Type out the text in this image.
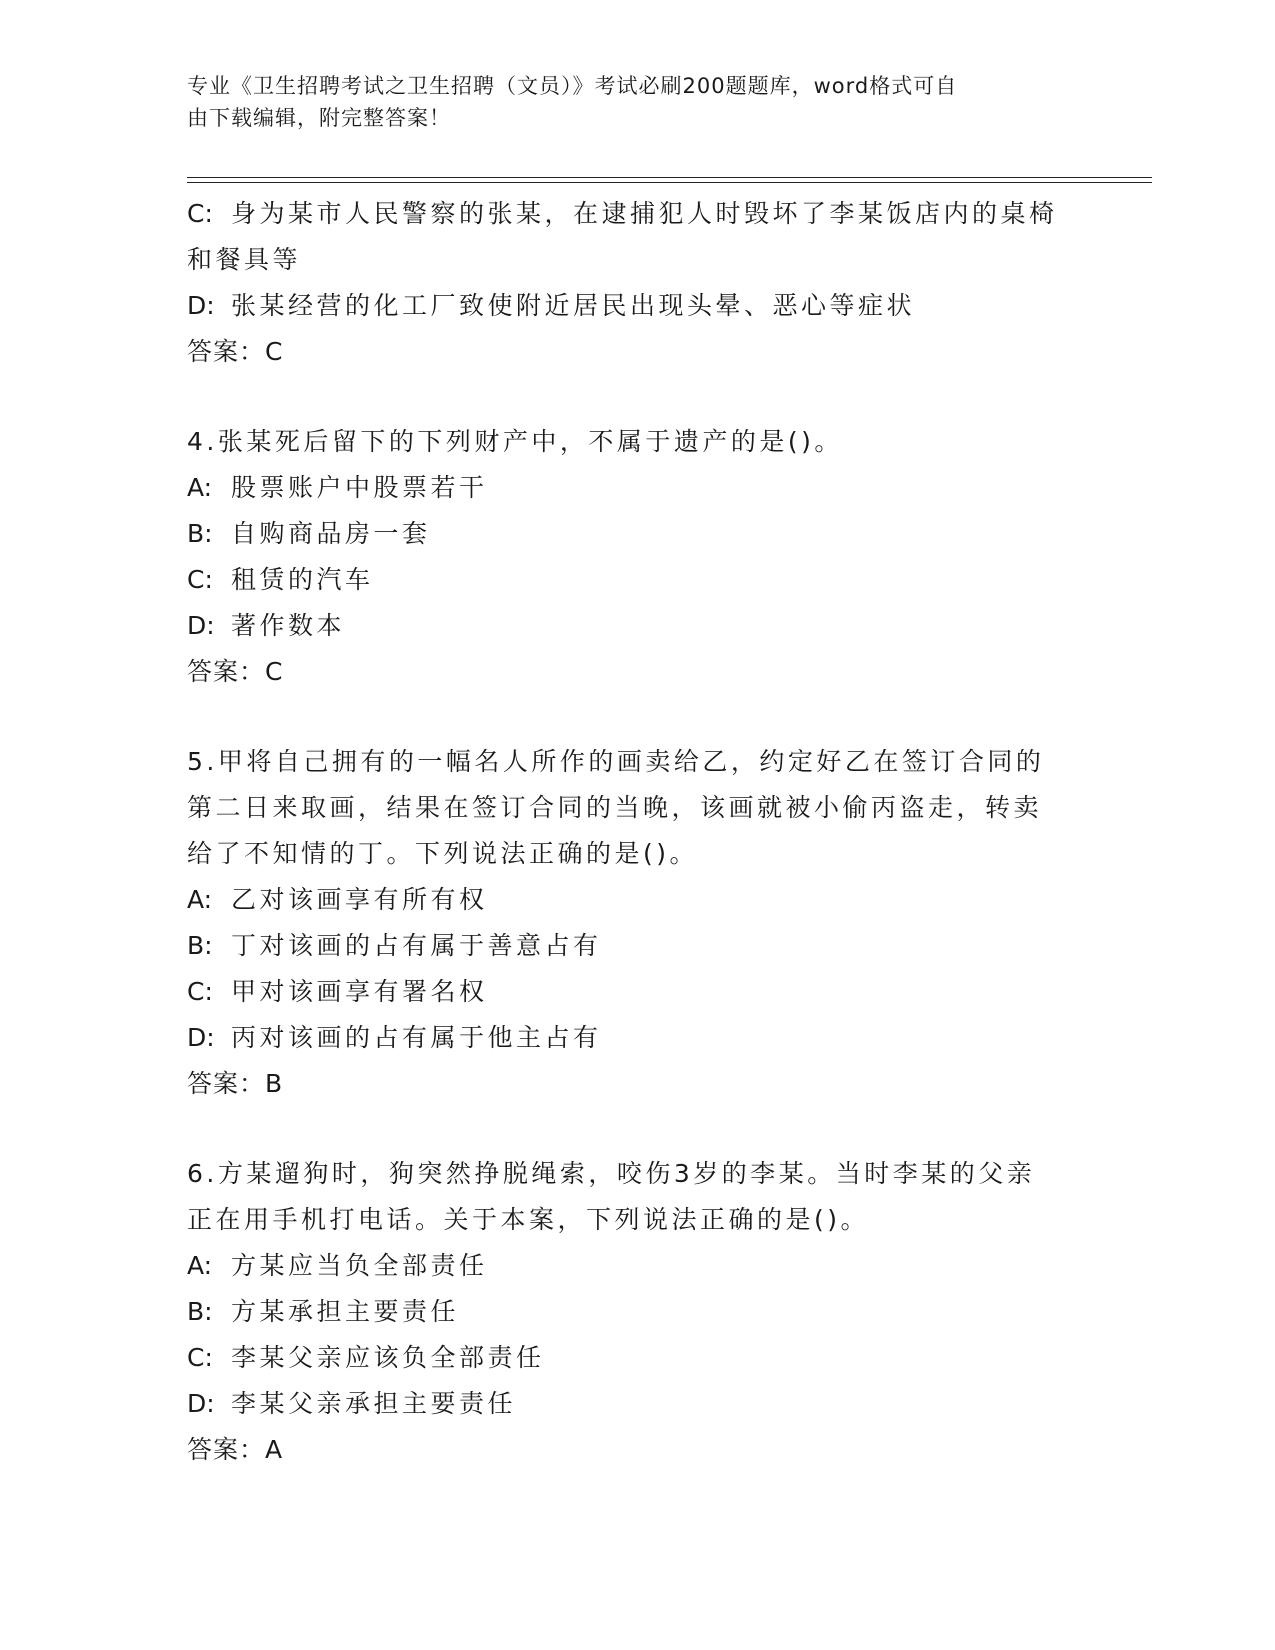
专业《卫生招聘考试之卫生招聘（文员）》考试必刷200题题库，word格式可自
由下载编辑，附完整答案！
C: 身为某市人民警察的张某，在逮捕犯人时毁坏了李某饭店内的桌椅
和餐具等
D: 张某经营的化工厂致使附近居民出现头晕、恶心等症状
答案：C
4.张某死后留下的下列财产中，不属于遗产的是()。
A: 股票账户中股票若干
B: 自购商品房一套
C: 租赁的汽车
D: 著作数本
答案：C
5.甲将自己拥有的一幅名人所作的画卖给乙，约定好乙在签订合同的
第二日来取画，结果在签订合同的当晚，该画就被小偷丙盗走，转卖
给了不知情的丁。下列说法正确的是()。
A: 乙对该画享有所有权
B: 丁对该画的占有属于善意占有
C: 甲对该画享有署名权
D: 丙对该画的占有属于他主占有
答案：B
6.方某遛狗时，狗突然挣脱绳索，咬伤3岁的李某。当时李某的父亲
正在用手机打电话。关于本案，下列说法正确的是()。
A: 方某应当负全部责任
B: 方某承担主要责任
C: 李某父亲应该负全部责任
D: 李某父亲承担主要责任
答案：A
